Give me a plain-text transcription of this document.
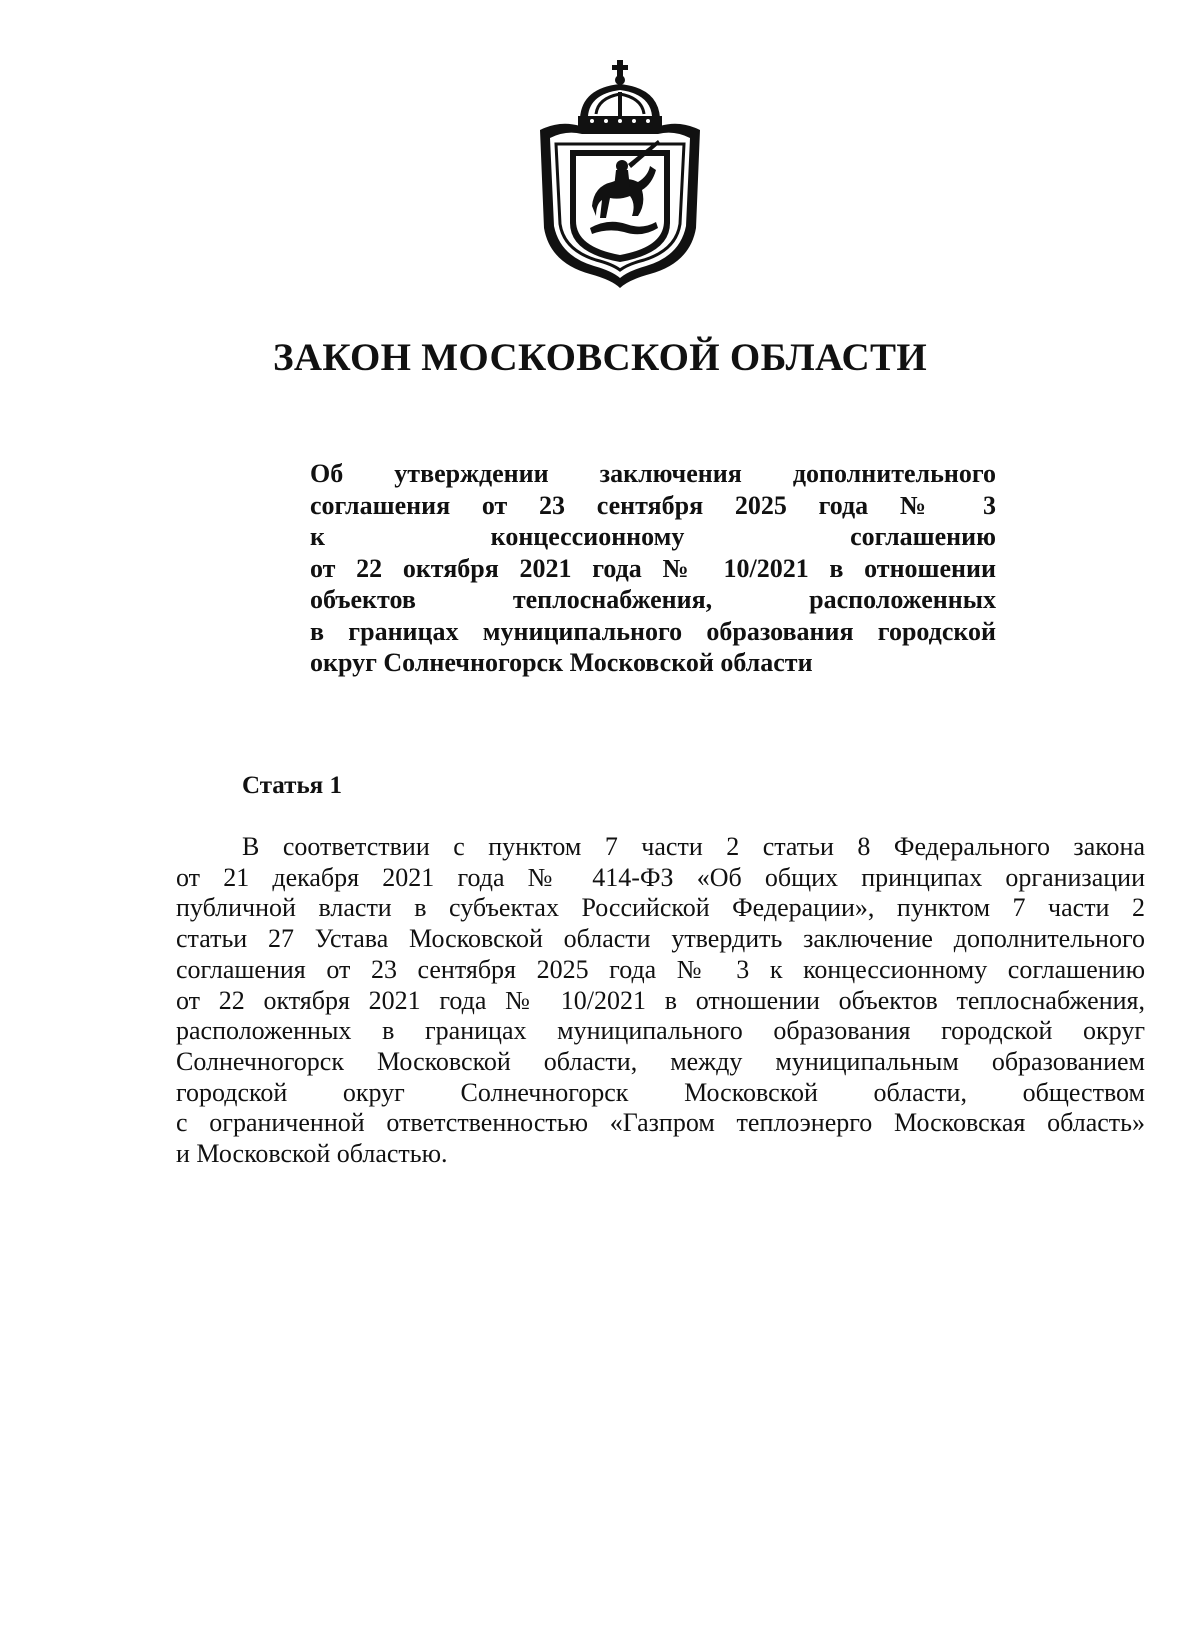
ЗАКОН МОСКОВСКОЙ ОБЛАСТИ
Об утверждении заключения дополнительного
соглашения от 23 сентября 2025 года № 3
к концессионному соглашению
от 22 октября 2021 года № 10/2021 в отношении
объектов теплоснабжения, расположенных
в границах муниципального образования городской
округ Солнечногорск Московской области
Статья 1
В соответствии с пунктом 7 части 2 статьи 8 Федерального закона
от 21 декабря 2021 года № 414-ФЗ «Об общих принципах организации
публичной власти в субъектах Российской Федерации», пунктом 7 части 2
статьи 27 Устава Московской области утвердить заключение дополнительного
соглашения от 23 сентября 2025 года № 3 к концессионному соглашению
от 22 октября 2021 года № 10/2021 в отношении объектов теплоснабжения,
расположенных в границах муниципального образования городской округ
Солнечногорск Московской области, между муниципальным образованием
городской округ Солнечногорск Московской области, обществом
с ограниченной ответственностью «Газпром теплоэнерго Московская область»
и Московской областью.
